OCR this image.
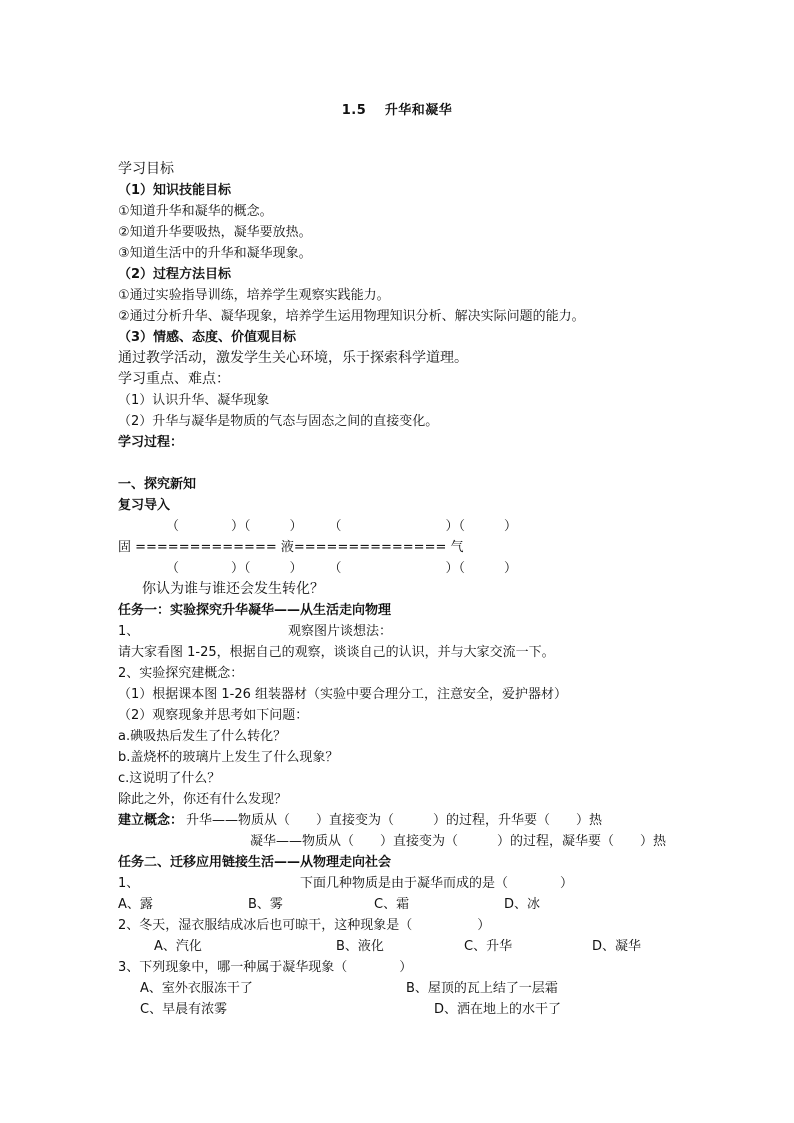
1.5　 升华和凝华
学习目标
（1）知识技能目标
①知道升华和凝华的概念。
②知道升华要吸热，凝华要放热。
③知道生活中的升华和凝华现象。
（2）过程方法目标
①通过实验指导训练，培养学生观察实践能力。
②通过分析升华、凝华现象，培养学生运用物理知识分析、解决实际问题的能力。
（3）情感、态度、价值观目标
通过教学活动，激发学生关心环境，乐于探索科学道理。
学习重点、难点：
（1）认识升华、凝华现象
（2）升华与凝华是物质的气态与固态之间的直接变化。
学习过程：
一、探究新知
复习导入
（　　　　）（　　　）　　　（　　　　　　　　）（　　　）
固 ============= 液============== 气
（　　　　）（　　　）　　　（　　　　　　　　）（　　　）
你认为谁与谁还会发生转化？
任务一：实验探究升华凝华——从生活走向物理
1、	观察图片谈想法：
请大家看图 1-25，根据自己的观察，谈谈自己的认识，并与大家交流一下。
2、实验探究建概念：
（1）根据课本图 1-26 组装器材（实验中要合理分工，注意安全，爱护器材）
（2）观察现象并思考如下问题：
a.碘吸热后发生了什么转化？
b.盖烧杯的玻璃片上发生了什么现象？
c.这说明了什么？
除此之外，你还有什么发现？
建立概念： 升华——物质从（　　）直接变为（　　　）的过程，升华要（　　）热
凝华——物质从（　　）直接变为（　　　）的过程，凝华要（　　）热
任务二、迁移应用链接生活——从物理走向社会
1、	下面几种物质是由于凝华而成的是（　　　　）
A、露	B、雾	C、霜	D、冰
2、冬天，湿衣服结成冰后也可晾干，这种现象是（　　　　　）
A、汽化	B、液化	C、升华	D、凝华
3、下列现象中，哪一种属于凝华现象（　　　　）
A、室外衣服冻干了	B、屋顶的瓦上结了一层霜
C、早晨有浓雾	D、洒在地上的水干了
